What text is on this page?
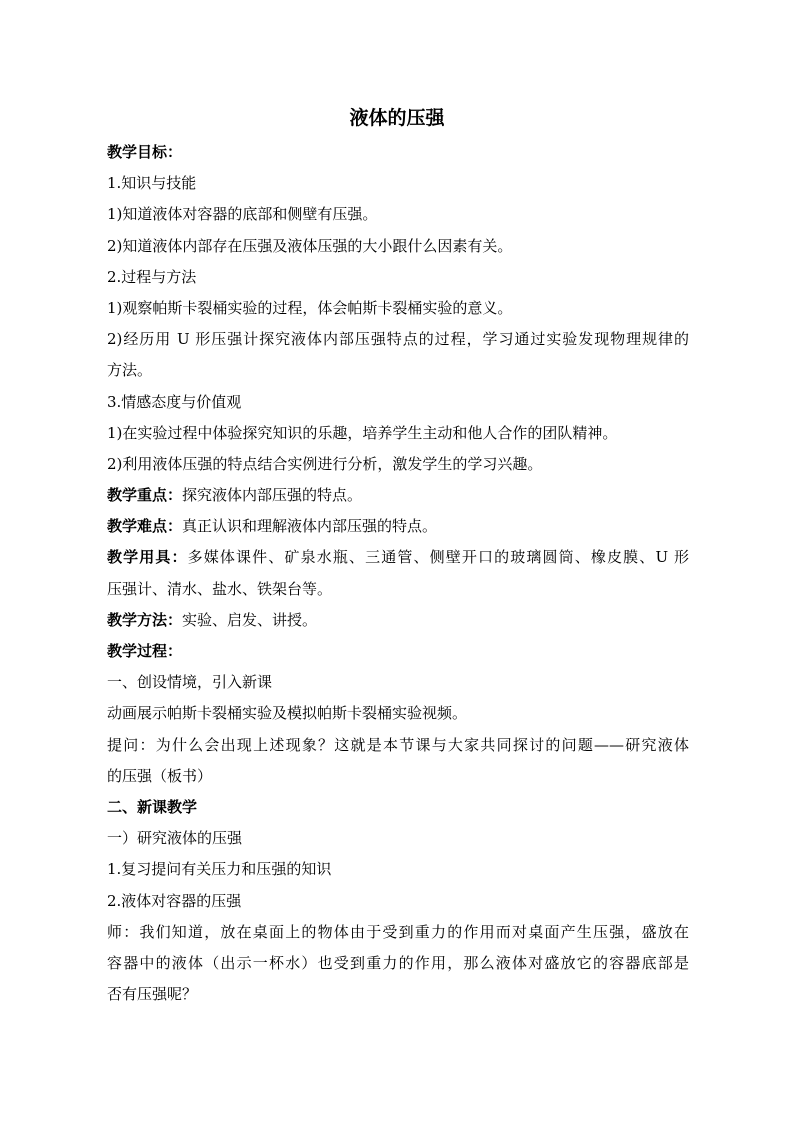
液体的压强
教学目标：
1.知识与技能
1)知道液体对容器的底部和侧壁有压强。
2)知道液体内部存在压强及液体压强的大小跟什么因素有关。
2.过程与方法
1)观察帕斯卡裂桶实验的过程，体会帕斯卡裂桶实验的意义。
2)经历用 U 形压强计探究液体内部压强特点的过程，学习通过实验发现物理规律的
方法。
3.情感态度与价值观
1)在实验过程中体验探究知识的乐趣，培养学生主动和他人合作的团队精神。
2)利用液体压强的特点结合实例进行分析，激发学生的学习兴趣。
教学重点：探究液体内部压强的特点。
教学难点：真正认识和理解液体内部压强的特点。
教学用具：多媒体课件、矿泉水瓶、三通管、侧壁开口的玻璃圆筒、橡皮膜、U 形
压强计、清水、盐水、铁架台等。
教学方法：实验、启发、讲授。
教学过程：
一、创设情境，引入新课
动画展示帕斯卡裂桶实验及模拟帕斯卡裂桶实验视频。
提问：为什么会出现上述现象？这就是本节课与大家共同探讨的问题——研究液体
的压强（板书）
二、新课教学
一）研究液体的压强
1.复习提问有关压力和压强的知识
2.液体对容器的压强
师：我们知道，放在桌面上的物体由于受到重力的作用而对桌面产生压强，盛放在
容器中的液体（出示一杯水）也受到重力的作用，那么液体对盛放它的容器底部是
否有压强呢？
